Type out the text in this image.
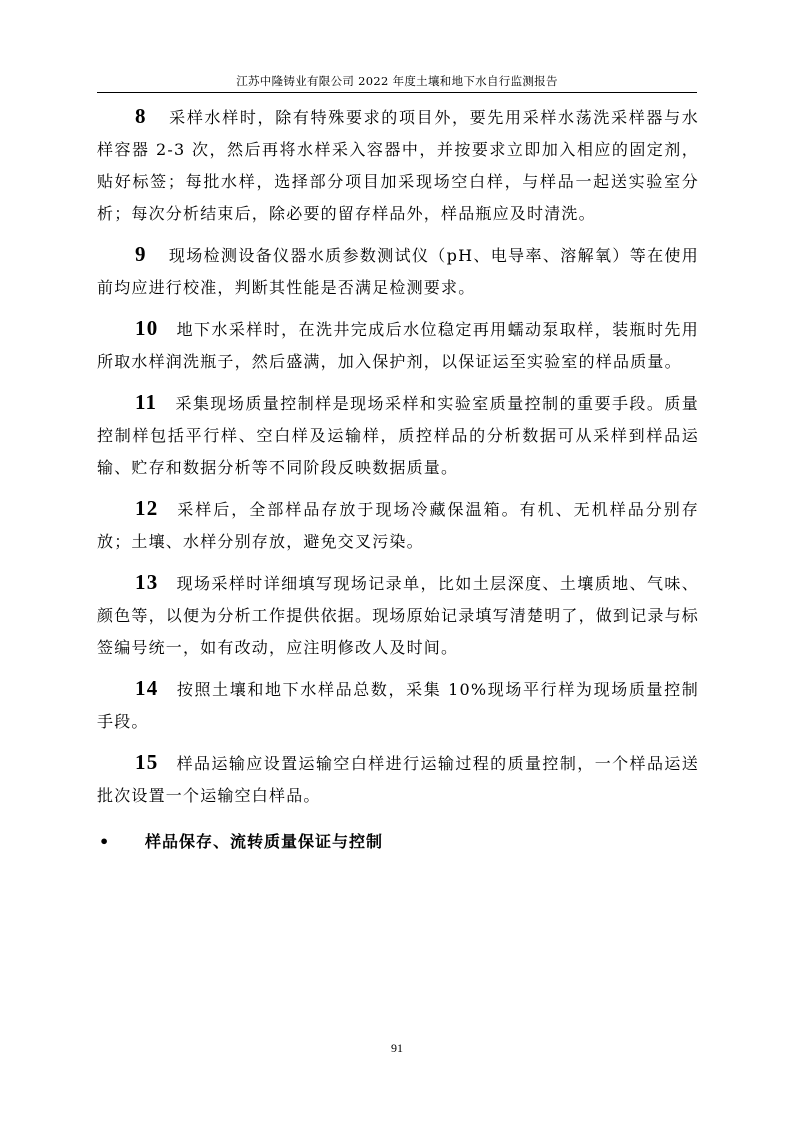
江苏中隆铸业有限公司 2022 年度土壤和地下水自行监测报告

8 采样水样时，除有特殊要求的项目外，要先用采样水荡洗采样器与水样容器 2-3 次，然后再将水样采入容器中，并按要求立即加入相应的固定剂，贴好标签；每批水样，选择部分项目加采现场空白样，与样品一起送实验室分析；每次分析结束后，除必要的留存样品外，样品瓶应及时清洗。

9 现场检测设备仪器水质参数测试仪（pH、电导率、溶解氧）等在使用前均应进行校准，判断其性能是否满足检测要求。

10 地下水采样时，在洗井完成后水位稳定再用蠕动泵取样，装瓶时先用所取水样润洗瓶子，然后盛满，加入保护剂，以保证运至实验室的样品质量。

11 采集现场质量控制样是现场采样和实验室质量控制的重要手段。质量控制样包括平行样、空白样及运输样，质控样品的分析数据可从采样到样品运输、贮存和数据分析等不同阶段反映数据质量。

12 采样后，全部样品存放于现场冷藏保温箱。有机、无机样品分别存放；土壤、水样分别存放，避免交叉污染。

13 现场采样时详细填写现场记录单，比如土层深度、土壤质地、气味、颜色等，以便为分析工作提供依据。现场原始记录填写清楚明了，做到记录与标签编号统一，如有改动，应注明修改人及时间。

14 按照土壤和地下水样品总数，采集 10%现场平行样为现场质量控制手段。

15 样品运输应设置运输空白样进行运输过程的质量控制，一个样品运送批次设置一个运输空白样品。

• 样品保存、流转质量保证与控制
91
